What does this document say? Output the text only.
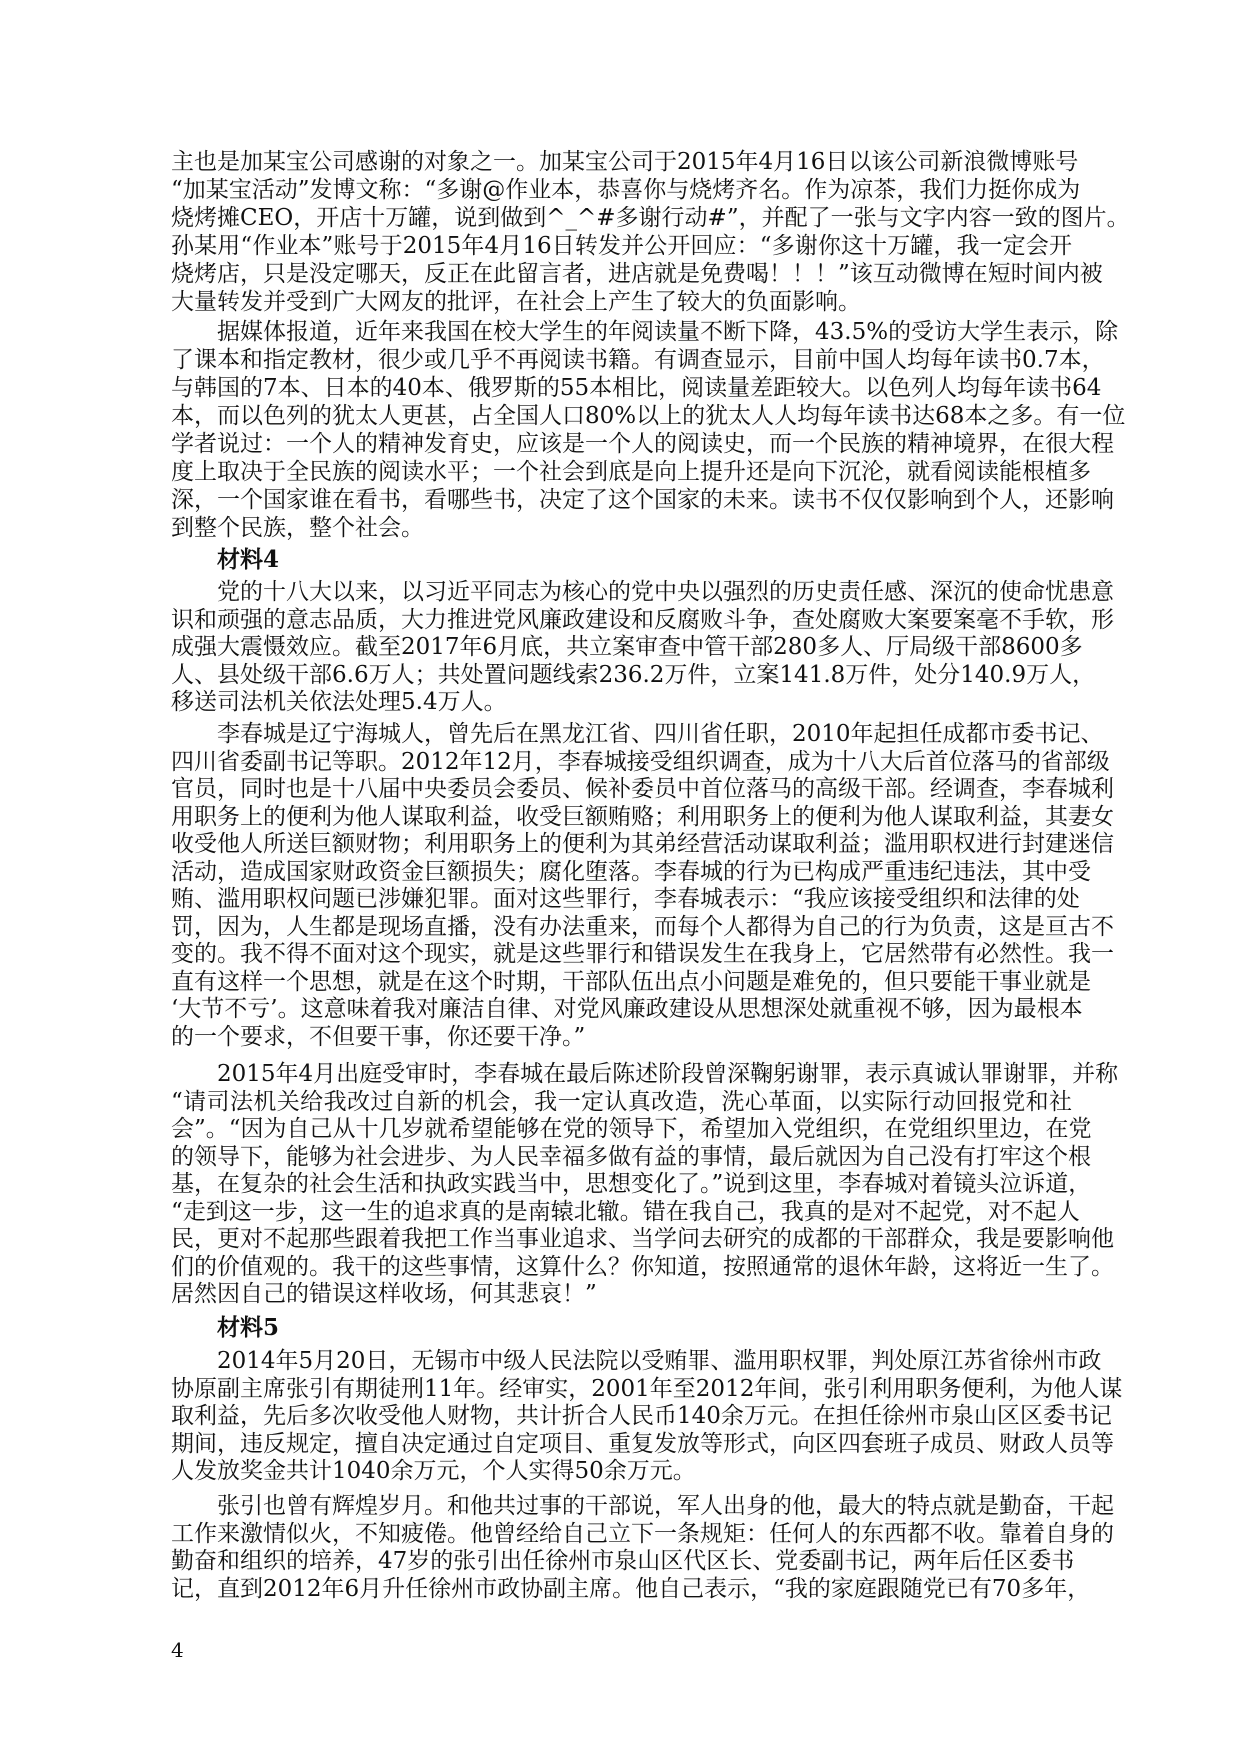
主也是加某宝公司感谢的对象之一。加某宝公司于2015年4月16日以该公司新浪微博账号
“加某宝活动”发博文称：“多谢@作业本，恭喜你与烧烤齐名。作为凉茶，我们力挺你成为
烧烤摊CEO，开店十万罐，说到做到^_^#多谢行动#”，并配了一张与文字内容一致的图片。
孙某用“作业本”账号于2015年4月16日转发并公开回应：“多谢你这十万罐，我一定会开
烧烤店，只是没定哪天，反正在此留言者，进店就是免费喝！！！”该互动微博在短时间内被
大量转发并受到广大网友的批评，在社会上产生了较大的负面影响。
据媒体报道，近年来我国在校大学生的年阅读量不断下降，43.5%的受访大学生表示，除
了课本和指定教材，很少或几乎不再阅读书籍。有调查显示，目前中国人均每年读书0.7本，
与韩国的7本、日本的40本、俄罗斯的55本相比，阅读量差距较大。以色列人均每年读书64
本，而以色列的犹太人更甚，占全国人口80%以上的犹太人人均每年读书达68本之多。有一位
学者说过：一个人的精神发育史，应该是一个人的阅读史，而一个民族的精神境界，在很大程
度上取决于全民族的阅读水平；一个社会到底是向上提升还是向下沉沦，就看阅读能根植多
深，一个国家谁在看书，看哪些书，决定了这个国家的未来。读书不仅仅影响到个人，还影响
到整个民族，整个社会。
材料4
党的十八大以来，以习近平同志为核心的党中央以强烈的历史责任感、深沉的使命忧患意
识和顽强的意志品质，大力推进党风廉政建设和反腐败斗争，查处腐败大案要案毫不手软，形
成强大震慑效应。截至2017年6月底，共立案审查中管干部280多人、厅局级干部8600多
人、县处级干部6.6万人；共处置问题线索236.2万件，立案141.8万件，处分140.9万人，
移送司法机关依法处理5.4万人。
李春城是辽宁海城人，曾先后在黑龙江省、四川省任职，2010年起担任成都市委书记、
四川省委副书记等职。2012年12月，李春城接受组织调查，成为十八大后首位落马的省部级
官员，同时也是十八届中央委员会委员、候补委员中首位落马的高级干部。经调查，李春城利
用职务上的便利为他人谋取利益，收受巨额贿赂；利用职务上的便利为他人谋取利益，其妻女
收受他人所送巨额财物；利用职务上的便利为其弟经营活动谋取利益；滥用职权进行封建迷信
活动，造成国家财政资金巨额损失；腐化堕落。李春城的行为已构成严重违纪违法，其中受
贿、滥用职权问题已涉嫌犯罪。面对这些罪行，李春城表示：“我应该接受组织和法律的处
罚，因为，人生都是现场直播，没有办法重来，而每个人都得为自己的行为负责，这是亘古不
变的。我不得不面对这个现实，就是这些罪行和错误发生在我身上，它居然带有必然性。我一
直有这样一个思想，就是在这个时期，干部队伍出点小问题是难免的，但只要能干事业就是
‘大节不亏’。这意味着我对廉洁自律、对党风廉政建设从思想深处就重视不够，因为最根本
的一个要求，不但要干事，你还要干净。”
2015年4月出庭受审时，李春城在最后陈述阶段曾深鞠躬谢罪，表示真诚认罪谢罪，并称
“请司法机关给我改过自新的机会，我一定认真改造，洗心革面，以实际行动回报党和社
会”。“因为自己从十几岁就希望能够在党的领导下，希望加入党组织，在党组织里边，在党
的领导下，能够为社会进步、为人民幸福多做有益的事情，最后就因为自己没有打牢这个根
基，在复杂的社会生活和执政实践当中，思想变化了。”说到这里，李春城对着镜头泣诉道，
“走到这一步，这一生的追求真的是南辕北辙。错在我自己，我真的是对不起党，对不起人
民，更对不起那些跟着我把工作当事业追求、当学问去研究的成都的干部群众，我是要影响他
们的价值观的。我干的这些事情，这算什么？你知道，按照通常的退休年龄，这将近一生了。
居然因自己的错误这样收场，何其悲哀！”
材料5
2014年5月20日，无锡市中级人民法院以受贿罪、滥用职权罪，判处原江苏省徐州市政
协原副主席张引有期徒刑11年。经审实，2001年至2012年间，张引利用职务便利，为他人谋
取利益，先后多次收受他人财物，共计折合人民币140余万元。在担任徐州市泉山区区委书记
期间，违反规定，擅自决定通过自定项目、重复发放等形式，向区四套班子成员、财政人员等
人发放奖金共计1040余万元，个人实得50余万元。
张引也曾有辉煌岁月。和他共过事的干部说，军人出身的他，最大的特点就是勤奋，干起
工作来激情似火，不知疲倦。他曾经给自己立下一条规矩：任何人的东西都不收。靠着自身的
勤奋和组织的培养，47岁的张引出任徐州市泉山区代区长、党委副书记，两年后任区委书
记，直到2012年6月升任徐州市政协副主席。他自己表示，“我的家庭跟随党已有70多年，
4
